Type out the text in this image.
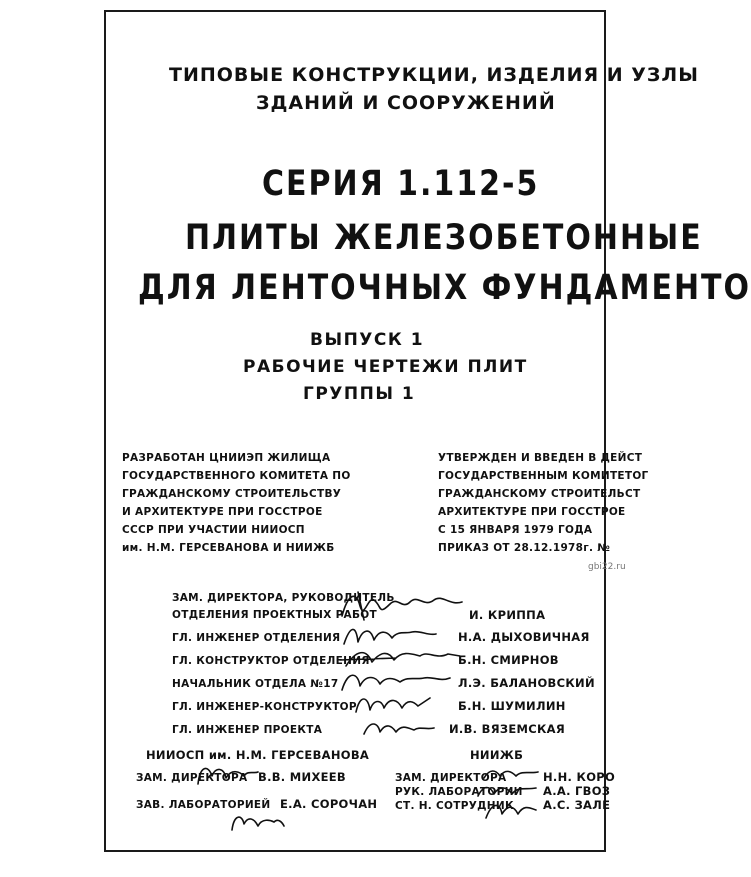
ТИПОВЫЕ КОНСТРУКЦИИ, ИЗДЕЛИЯ И УЗЛЫ
ЗДАНИЙ И СООРУЖЕНИЙ
СЕРИЯ 1.112-5
ПЛИТЫ ЖЕЛЕЗОБЕТОННЫЕ
ДЛЯ ЛЕНТОЧНЫХ ФУНДАМЕНТО
ВЫПУСК 1
РАБОЧИЕ ЧЕРТЕЖИ ПЛИТ
ГРУППЫ 1
РАЗРАБОТАН ЦНИИЭП ЖИЛИЩА
ГОСУДАРСТВЕННОГО КОМИТЕТА ПО
ГРАЖДАНСКОМУ СТРОИТЕЛЬСТВУ
И АРХИТЕКТУРЕ ПРИ ГОССТРОЕ
СССР ПРИ УЧАСТИИ НИИОСП
им. Н.М. ГЕРСЕВАНОВА И НИИЖБ
УТВЕРЖДЕН И ВВЕДЕН В ДЕЙСТ
ГОСУДАРСТВЕННЫМ КОМИТЕТОГ
ГРАЖДАНСКОМУ СТРОИТЕЛЬСТ
АРХИТЕКТУРЕ ПРИ ГОССТРОЕ
С 15 ЯНВАРЯ 1979 ГОДА
ПРИКАЗ ОТ 28.12.1978г. №
gbi22.ru
ЗАМ. ДИРЕКТОРА, РУКОВОДИТЕЛЬ
ОТДЕЛЕНИЯ ПРОЕКТНЫХ РАБОТ	И. КРИППА
ГЛ. ИНЖЕНЕР ОТДЕЛЕНИЯ	Н.А. ДЫХОВИЧНАЯ
ГЛ. КОНСТРУКТОР ОТДЕЛЕНИЯ	Б.Н. СМИРНОВ
НАЧАЛЬНИК ОТДЕЛА №17	Л.Э. БАЛАНОВСКИЙ
ГЛ. ИНЖЕНЕР-КОНСТРУКТОР	Б.Н. ШУМИЛИН
ГЛ. ИНЖЕНЕР ПРОЕКТА	И.В. ВЯЗЕМСКАЯ
НИИОСП им. Н.М. ГЕРСЕВАНОВА
ЗАМ. ДИРЕКТОРА В.В. МИХЕЕВ
ЗАВ. ЛАБОРАТОРИЕЙ Е.А. СОРОЧАН
НИИЖБ
ЗАМ. ДИРЕКТОРА	Н.Н. КОРО
РУК. ЛАБОРАТОРИИ А.А. ГВОЗ
СТ. Н. СОТРУДНИК	А.С. ЗАЛЕ
